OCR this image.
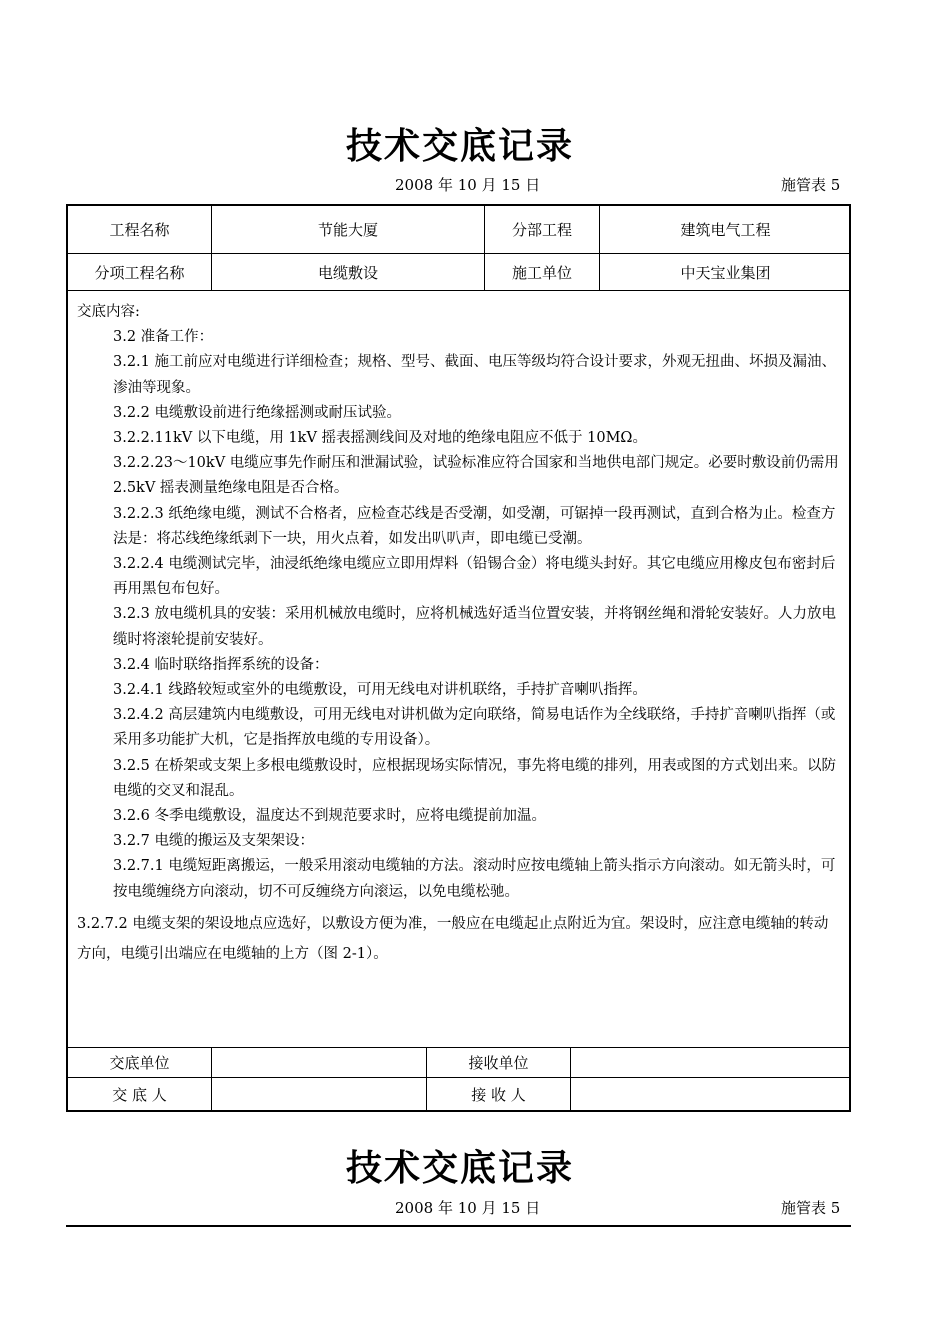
技术交底记录
2008 年 10 月 15 日	施管表 5
工程名称	节能大厦	分部工程	建筑电气工程
分项工程名称	电缆敷设	施工单位	中天宝业集团

交底内容:

3.2 准备工作：

3.2.1 施工前应对电缆进行详细检查；规格、型号、截面、电压等级均符合设计要求，外观无扭曲、坏损及漏油、渗油等现象。

3.2.2 电缆敷设前进行绝缘摇测或耐压试验。

3.2.2.11kV 以下电缆，用 1kV 摇表摇测线间及对地的绝缘电阻应不低于 10MΩ。

3.2.2.23～10kV 电缆应事先作耐压和泄漏试验，试验标准应符合国家和当地供电部门规定。必要时敷设前仍需用 2.5kV 摇表测量绝缘电阻是否合格。

3.2.2.3 纸绝缘电缆，测试不合格者，应检查芯线是否受潮，如受潮，可锯掉一段再测试，直到合格为止。检查方法是：将芯线绝缘纸剥下一块，用火点着，如发出叭叭声，即电缆已受潮。

3.2.2.4 电缆测试完毕，油浸纸绝缘电缆应立即用焊料（铅锡合金）将电缆头封好。其它电缆应用橡皮包布密封后再用黑包布包好。

3.2.3 放电缆机具的安装：采用机械放电缆时，应将机械选好适当位置安装，并将钢丝绳和滑轮安装好。人力放电缆时将滚轮提前安装好。

3.2.4 临时联络指挥系统的设备：

3.2.4.1 线路较短或室外的电缆敷设，可用无线电对讲机联络，手持扩音喇叭指挥。

3.2.4.2 高层建筑内电缆敷设，可用无线电对讲机做为定向联络，简易电话作为全线联络，手持扩音喇叭指挥（或采用多功能扩大机，它是指挥放电缆的专用设备）。

3.2.5 在桥架或支架上多根电缆敷设时，应根据现场实际情况，事先将电缆的排列，用表或图的方式划出来。以防电缆的交叉和混乱。

3.2.6 冬季电缆敷设，温度达不到规范要求时，应将电缆提前加温。

3.2.7 电缆的搬运及支架架设：

3.2.7.1 电缆短距离搬运，一般采用滚动电缆轴的方法。滚动时应按电缆轴上箭头指示方向滚动。如无箭头时，可按电缆缠绕方向滚动，切不可反缠绕方向滚运，以免电缆松驰。

3.2.7.2 电缆支架的架设地点应选好，以敷设方便为准，一般应在电缆起止点附近为宜。架设时，应注意电缆轴的转动方向，电缆引出端应在电缆轴的上方（图 2-1）。

交底单位	接收单位
交 底 人	接 收 人
技术交底记录
2008 年 10 月 15 日	施管表 5
